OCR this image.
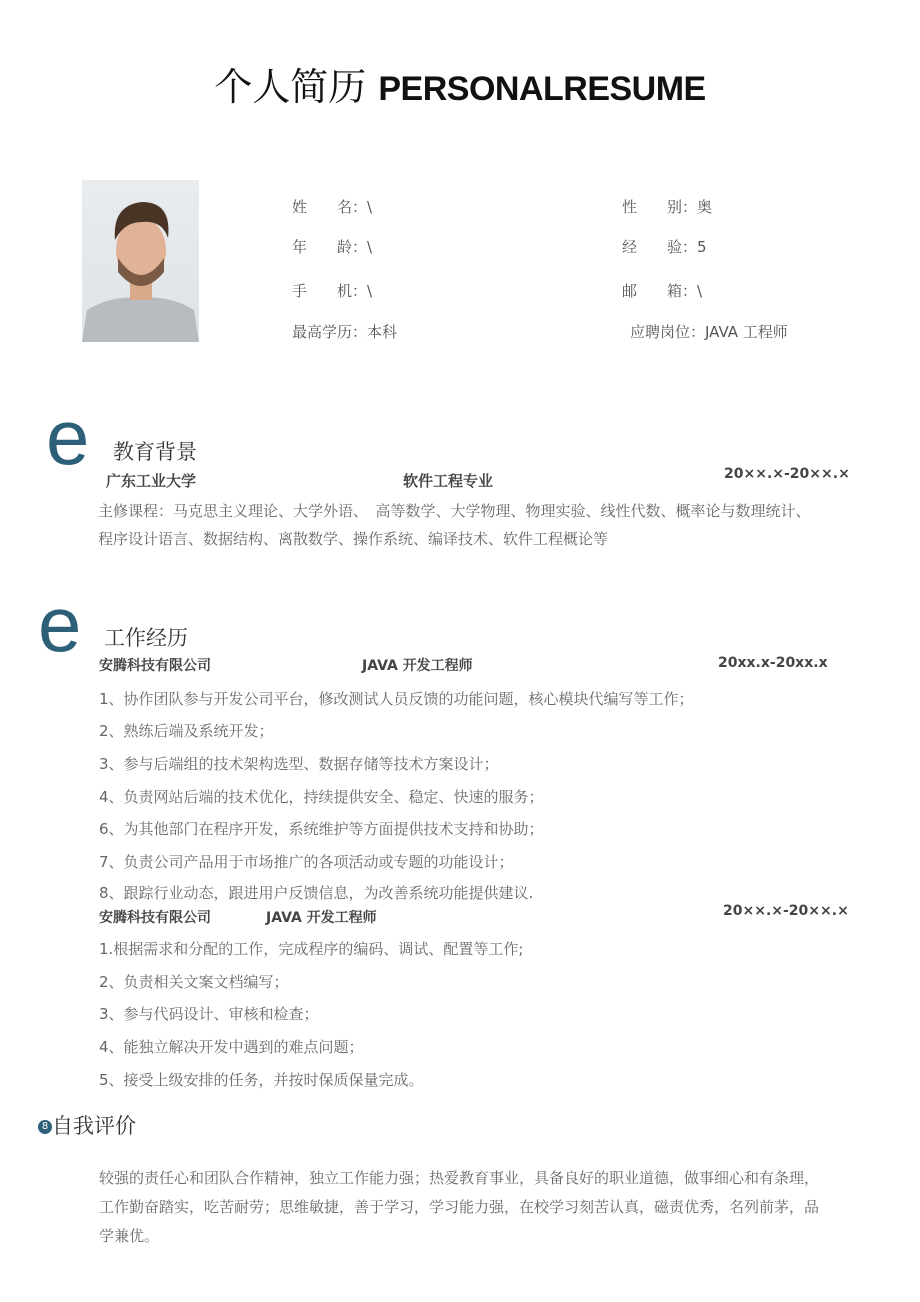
个人简历 PERSONALRESUME
姓　　名：\	性　　别：奥
年　　龄：\	经　　验：5
手　　机：\	邮　　箱：\
最高学历：本科	应聘岗位：JAVA 工程师
e 教育背景
广东工业大学	软件工程专业	20××.×-20××.×
主修课程：马克思主义理论、大学外语、　高等数学、大学物理、物理实验、线性代数、概率论与数理统计、
程序设计语言、数据结构、离散数学、操作系统、编译技术、软件工程概论等
e 工作经历
安腾科技有限公司	JAVA 开发工程师	20xx.x-20xx.x
1、协作团队参与开发公司平台，修改测试人员反馈的功能问题，核心模块代编写等工作；
2、熟练后端及系统开发；
3、参与后端组的技术架构选型、数据存储等技术方案设计；
4、负责网站后端的技术优化，持续提供安全、稳定、快速的服务；
6、为其他部门在程序开发，系统维护等方面提供技术支持和协助；
7、负责公司产品用于市场推广的各项活动或专题的功能设计；
8、跟踪行业动态，跟进用户反馈信息，为改善系统功能提供建议.
安腾科技有限公司	JAVA 开发工程师	20××.×-20××.×
1.根据需求和分配的工作，完成程序的编码、调试、配置等工作;
2、负责相关文案文档编写；
3、参与代码设计、审核和检查；
4、能独立解决开发中遇到的难点问题；
5、接受上级安排的任务，并按时保质保量完成。
8 自我评价
较强的责任心和团队合作精神，独立工作能力强；热爱教育事业，具备良好的职业道德，做事细心和有条理，
工作勤奋踏实，吃苦耐劳；思维敏捷，善于学习，学习能力强，在校学习刻苦认真，磁责优秀，名列前茅，品
学兼优。
